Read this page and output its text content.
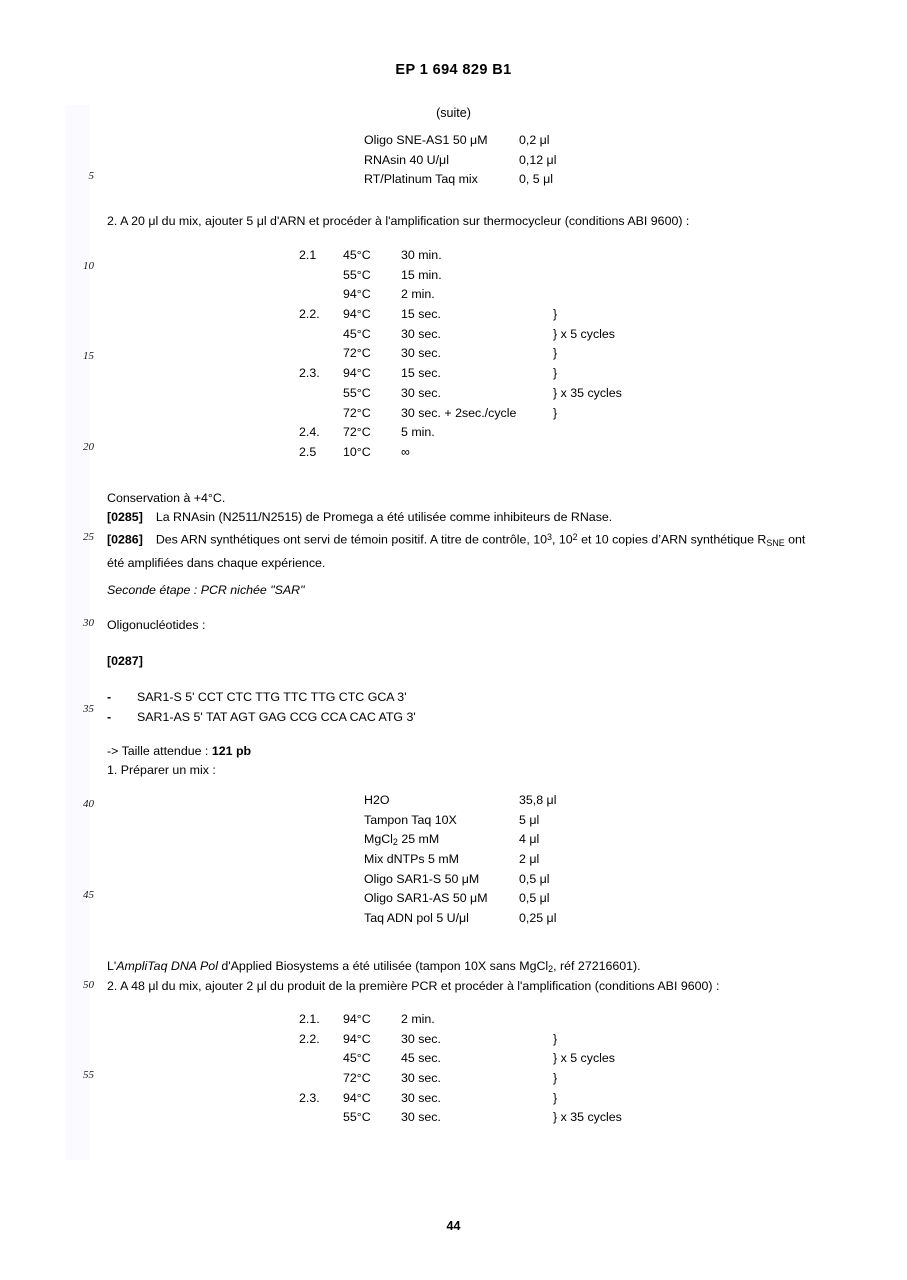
EP 1 694 829 B1
(suite)
5
10
15
20
25
30
35
40
45
50
55
Oligo SNE-AS1 50 μM	0,2 μl
RNAsin 40 U/μl	0,12 μl
RT/Platinum Taq mix	0, 5 μl
2. A 20 μl du mix, ajouter 5 μl d'ARN et procéder à l'amplification sur thermocycleur (conditions ABI 9600) :
2.1 45°C 30 min.
55°C 15 min.
94°C 2 min.
2.2. 94°C 15 sec.	}
45°C 30 sec.	} x 5 cycles
72°C 30 sec.	}
2.3. 94°C 15 sec.	}
55°C 30 sec.	} x 35 cycles
72°C 30 sec. + 2sec./cycle	}
2.4. 72°C 5 min.
2.5 10°C ∞
Conservation à +4°C.
[0285] La RNAsin (N2511/N2515) de Promega a été utilisée comme inhibiteurs de RNase.
[0286] Des ARN synthétiques ont servi de témoin positif. A titre de contrôle, $10^3$, $10^2$ et 10 copies d’ARN synthétique $R_{SNE}$ ont été amplifiées dans chaque expérience.
Seconde étape : PCR nichée "SAR"
Oligonucléotides :
[0287]
- SAR1-S 5' CCT CTC TTG TTC TTG CTC GCA 3'
- SAR1-AS 5' TAT AGT GAG CCG CCA CAC ATG 3'
-> Taille attendue : 121 pb
1. Préparer un mix :
H2O	35,8 μl
Tampon Taq 10X	5 μl
MgCl$_2$ 25 mM	4 μl
Mix dNTPs 5 mM	2 μl
Oligo SAR1-S 50 μM	0,5 μl
Oligo SAR1-AS 50 μM	0,5 μl
Taq ADN pol 5 U/μl	0,25 μl
L'AmpliTaq DNA Pol d'Applied Biosystems a été utilisée (tampon 10X sans MgCl$_2$, réf 27216601).
2. A 48 μl du mix, ajouter 2 μl du produit de la première PCR et procéder à l'amplification (conditions ABI 9600) :
2.1. 94°C 2 min.
2.2. 94°C 30 sec.	}
45°C 45 sec.	} x 5 cycles
72°C 30 sec.	}
2.3. 94°C 30 sec.	}
55°C 30 sec.	} x 35 cycles
44
